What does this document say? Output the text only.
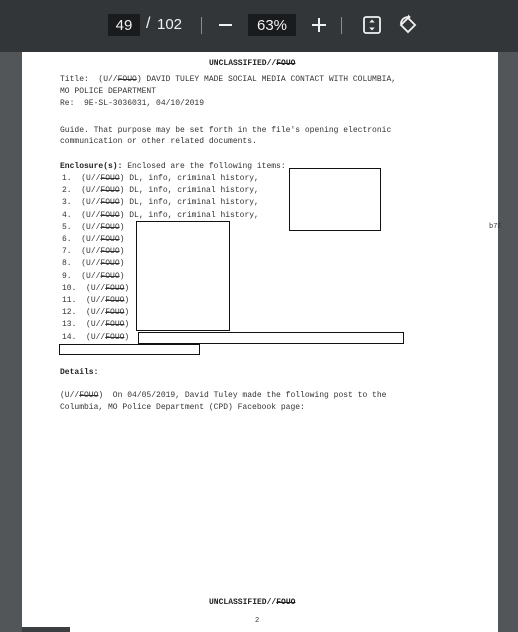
49
/ 102
63%
UNCLASSIFIED//FOUO
Title:  (U//FOUO) DAVID TULEY MADE SOCIAL MEDIA CONTACT WITH COLUMBIA,
MO POLICE DEPARTMENT
Re:  9E-SL-3036031, 04/10/2019
Guide. That purpose may be set forth in the file's opening electronic
communication or other related documents.
Enclosure(s): Enclosed are the following items:
1. (U//FOUO) DL, info, criminal history,
2. (U//FOUO) DL, info, criminal history,
3. (U//FOUO) DL, info, criminal history,
4. (U//FOUO) DL, info, criminal history,
5. (U//FOUO)
6. (U//FOUO)
7. (U//FOUO)
8. (U//FOUO)
9. (U//FOUO)
10. (U//FOUO)
11. (U//FOUO)
12. (U//FOUO)
13. (U//FOUO)
14. (U//FOUO)
b7E
Details:
(U//FOUO)  On 04/05/2019, David Tuley made the following post to the
Columbia, MO Police Department (CPD) Facebook page:
UNCLASSIFIED//FOUO
2
